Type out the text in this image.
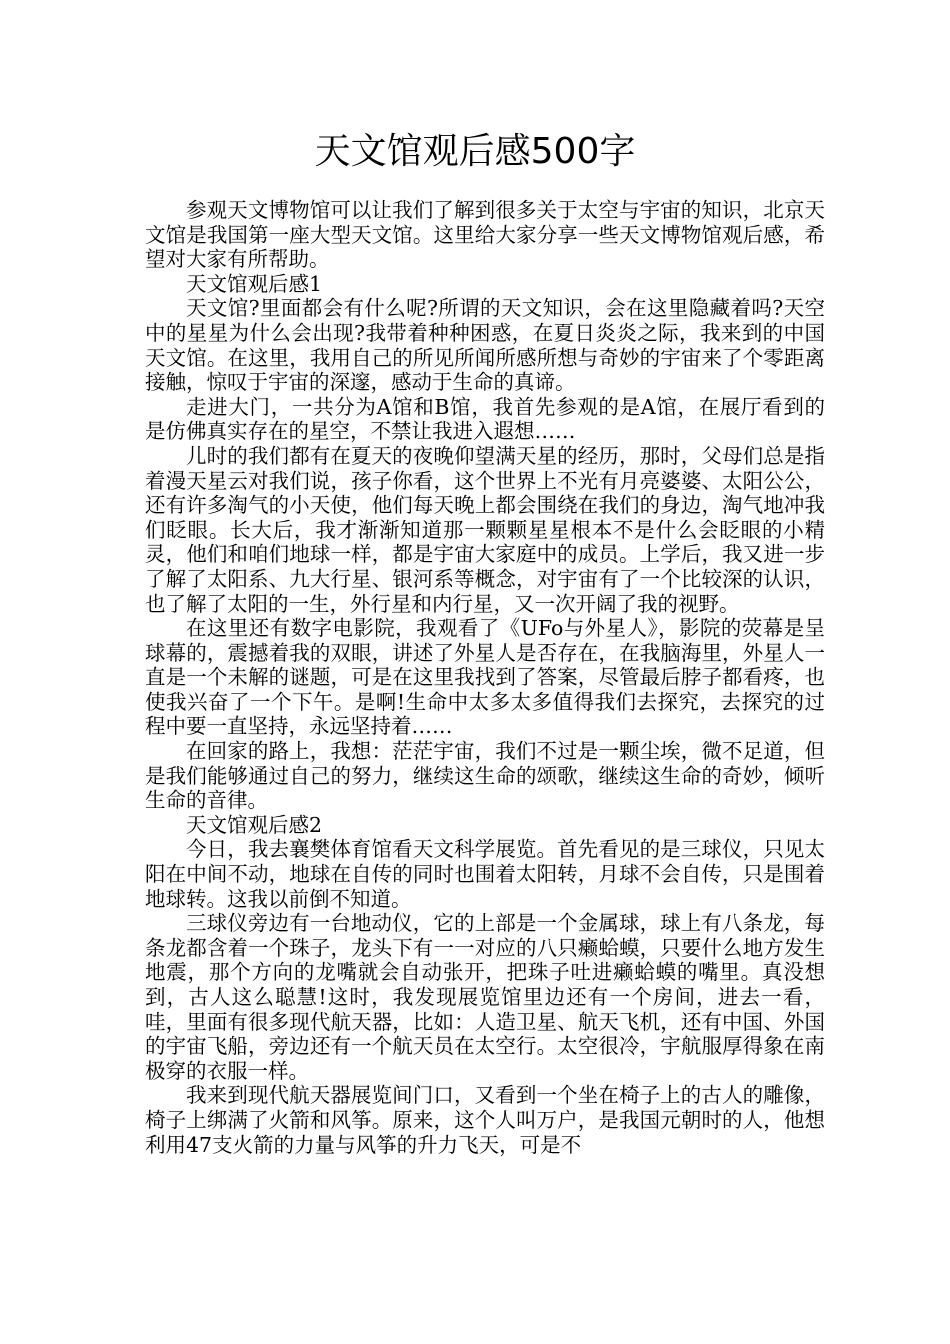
天文馆观后感500字

参观天文博物馆可以让我们了解到很多关于太空与宇宙的知识，北京天文馆是我国第一座大型天文馆。这里给大家分享一些天文博物馆观后感，希望对大家有所帮助。

天文馆观后感1

天文馆?里面都会有什么呢?所谓的天文知识，会在这里隐藏着吗?天空中的星星为什么会出现?我带着种种困惑，在夏日炎炎之际，我来到的中国天文馆。在这里，我用自己的所见所闻所感所想与奇妙的宇宙来了个零距离接触，惊叹于宇宙的深邃，感动于生命的真谛。

走进大门，一共分为A馆和B馆，我首先参观的是A馆，在展厅看到的是仿佛真实存在的星空，不禁让我进入遐想……

儿时的我们都有在夏天的夜晚仰望满天星的经历，那时，父母们总是指着漫天星云对我们说，孩子你看，这个世界上不光有月亮婆婆、太阳公公，还有许多淘气的小天使，他们每天晚上都会围绕在我们的身边，淘气地冲我们眨眼。长大后，我才渐渐知道那一颗颗星星根本不是什么会眨眼的小精灵，他们和咱们地球一样，都是宇宙大家庭中的成员。上学后，我又进一步了解了太阳系、九大行星、银河系等概念，对宇宙有了一个比较深的认识，也了解了太阳的一生，外行星和内行星，又一次开阔了我的视野。

在这里还有数字电影院，我观看了《UFo与外星人》，影院的荧幕是呈球幕的，震撼着我的双眼，讲述了外星人是否存在，在我脑海里，外星人一直是一个未解的谜题，可是在这里我找到了答案，尽管最后脖子都看疼，也使我兴奋了一个下午。是啊!生命中太多太多值得我们去探究，去探究的过程中要一直坚持，永远坚持着……

在回家的路上，我想：茫茫宇宙，我们不过是一颗尘埃，微不足道，但是我们能够通过自己的努力，继续这生命的颂歌，继续这生命的奇妙，倾听生命的音律。

天文馆观后感2

今日，我去襄樊体育馆看天文科学展览。首先看见的是三球仪，只见太阳在中间不动，地球在自传的同时也围着太阳转，月球不会自传，只是围着地球转。这我以前倒不知道。

三球仪旁边有一台地动仪，它的上部是一个金属球，球上有八条龙，每条龙都含着一个珠子，龙头下有一一对应的八只癞蛤蟆，只要什么地方发生地震，那个方向的龙嘴就会自动张开，把珠子吐进癞蛤蟆的嘴里。真没想到，古人这么聪慧!这时，我发现展览馆里边还有一个房间，进去一看，哇，里面有很多现代航天器，比如：人造卫星、航天飞机，还有中国、外国的宇宙飞船，旁边还有一个航天员在太空行。太空很冷，宇航服厚得象在南极穿的衣服一样。

我来到现代航天器展览间门口，又看到一个坐在椅子上的古人的雕像，椅子上绑满了火箭和风筝。原来，这个人叫万户，是我国元朝时的人，他想利用47支火箭的力量与风筝的升力飞天，可是不
